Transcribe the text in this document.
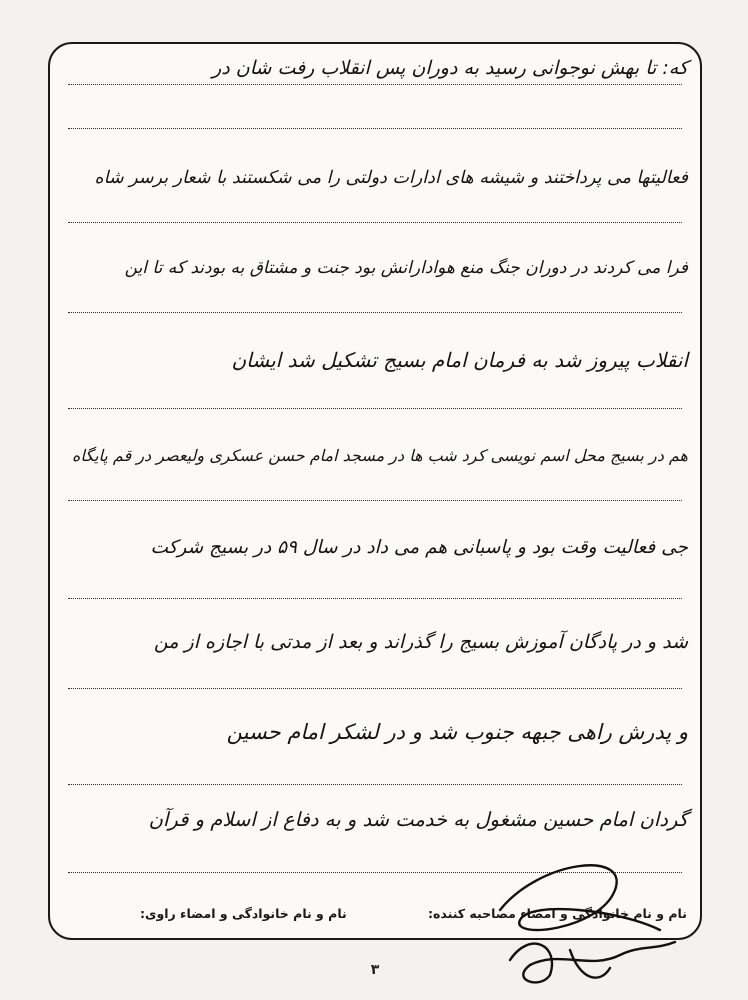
که: تا بهش نوجوانی رسید به دوران پس انقلاب رفت شان در
فعالیتها می پرداختند و شیشه های ادارات دولتی را می شکستند با شعار برسر شاه
فرا می کردند در دوران جنگ منع هوادارانش بود جنت و مشتاق به بودند که تا این
انقلاب پیروز شد به فرمان امام بسیج تشکیل شد ایشان
هم در بسیج محل اسم نویسی کرد شب ها در مسجد امام حسن عسکری ولیعصر در قم پایگاه
جی فعالیت وقت بود و پاسبانی هم می داد در سال ۵۹ در بسیج شرکت
شد و در پادگان آموزش بسیج را گذراند و بعد از مدتی با اجازه از من
و پدرش راهی جبهه جنوب شد و در لشکر امام حسین
گردان امام حسین مشغول به خدمت شد و به دفاع از اسلام و قرآن
نام و نام خانوادگی و امضاء مصاحبه کننده:
نام و نام خانوادگی و امضاء راوی:
۳
